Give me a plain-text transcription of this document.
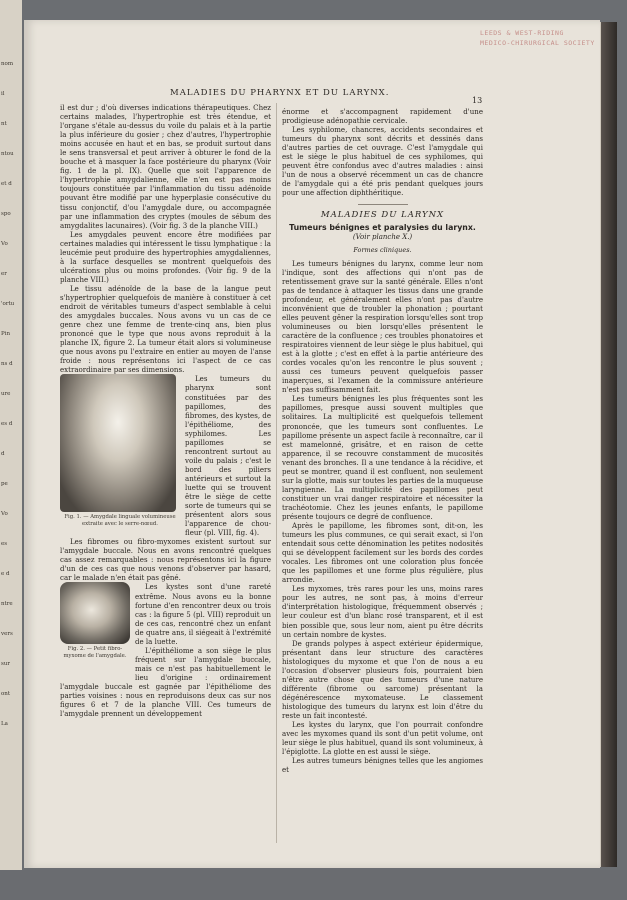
nom
il
nt
ntou
et d
spo
Vo
er
'ortu
Pin
ns d
ure
es d
d
pe
Vo
es
e d
ntre
vers
sur
ont
La
LEEDS & WEST-RIDING
MEDICO-CHIRURGICAL SOCIETY
MALADIES DU PHARYNX ET DU LARYNX.
13

il est dur ; d'où diverses indications thérapeutiques. Chez certains malades, l'hypertrophie est très étendue, et l'organe s'étale au-dessus du voile du palais et à la partie la plus inférieure du gosier ; chez d'autres, l'hypertrophie moins accusée en haut et en bas, se produit surtout dans le sens transversal et peut arriver à obturer le fond de la bouche et à masquer la face postérieure du pharynx (Voir fig. 1 de la pl. IX). Quelle que soit l'apparence de l'hypertrophie amygdalienne, elle n'en est pas moins toujours constituée par l'inflammation du tissu adénoïde pouvant être modifié par une hyperplasie consécutive du tissu conjonctif, d'ou l'amygdale dure, ou accompagnée par une inflammation des cryptes (moules de sébum des amygdalites lacunaires). (Voir fig. 3 de la planche VIII.)

Les amygdales peuvent encore être modifiées par certaines maladies qui intéressent le tissu lymphatique : la leucémie peut produire des hypertrophies amygdaliennes, à la surface desquelles se montrent quelquefois des ulcérations plus ou moins profondes. (Voir fig. 9 de la planche VIII.)

Le tissu adénoïde de la base de la langue peut s'hypertrophier quelquefois de manière à constituer à cet endroit de véritables tumeurs d'aspect semblable à celui des amygdales buccales. Nous avons vu un cas de ce genre chez une femme de trente-cinq ans, bien plus prononcé que le type que nous avons reproduit à la planche IX, figure 2. La tumeur était alors si volumineuse que nous avons pu l'extraire en entier au moyen de l'anse froide : nous représentons ici l'aspect de ce cas extraordinaire par ses dimensions.

Fig. 1. — Amygdale linguale volumineuse extraite avec le serre-nœud.

Les tumeurs du pharynx sont constituées par des papillomes, des fibromes, des kystes, de l'épithéliome, des syphilomes. Les papillomes se rencontrent surtout au voile du palais ; c'est le bord des piliers antérieurs et surtout la luette qui se trouvent être le siège de cette sorte de tumeurs qui se présentent alors sous l'apparence de chou-fleur (pl. VIII, fig. 4).

Les fibromes ou fibro-myxomes existent surtout sur l'amygdale buccale. Nous en avons rencontré quelques cas assez remarquables : nous représentons ici la figure d'un de ces cas que nous venons d'observer par hasard, car le malade n'en était pas gêné.

Fig. 2. — Petit fibro-myxome de l'amygdale.

Les kystes sont d'une rareté extrême. Nous avons eu la bonne fortune d'en rencontrer deux ou trois cas : la figure 5 (pl. VIII) reproduit un de ces cas, rencontré chez un enfant de quatre ans, il siégeait à l'extrémité de la luette.

L'épithéliome a son siège le plus fréquent sur l'amygdale buccale, mais ce n'est pas habituellement le lieu d'origine : ordinairement l'amygdale buccale est gagnée par l'épithéliome des parties voisines : nous en reproduisons deux cas sur nos figures 6 et 7 de la planche VIII. Ces tumeurs de l'amygdale prennent un développement

énorme et s'accompagnent rapidement d'une prodigieuse adénopathie cervicale.

Les syphilome, chancres, accidents secondaires et tumeurs du pharynx sont décrits et dessinés dans d'autres parties de cet ouvrage. C'est l'amygdale qui est le siège le plus habituel de ces syphilomes, qui peuvent être confondus avec d'autres maladies : ainsi l'un de nous a observé récemment un cas de chancre de l'amygdale qui a été pris pendant quelques jours pour une affection diphthéritique.

MALADIES DU LARYNX
Tumeurs bénignes et paralysies du larynx.
(Voir planche X.)
Formes cliniques.

Les tumeurs bénignes du larynx, comme leur nom l'indique, sont des affections qui n'ont pas de retentissement grave sur la santé générale. Elles n'ont pas de tendance à attaquer les tissus dans une grande profondeur, et généralement elles n'ont pas d'autre inconvénient que de troubler la phonation ; pourtant elles peuvent gêner la respiration lorsqu'elles sont trop volumineuses ou bien lorsqu'elles présentent le caractère de la confluence ; ces troubles phonatoires et respiratoires viennent de leur siège le plus habituel, qui est à la glotte ; c'est en effet à la partie antérieure des cordes vocales qu'on les rencontre le plus souvent ; aussi ces tumeurs peuvent quelquefois passer inaperçues, si l'examen de la commissure antérieure n'est pas suffisamment fait.

Les tumeurs bénignes les plus fréquentes sont les papillomes, presque aussi souvent multiples que solitaires. La multiplicité est quelquefois tellement prononcée, que les tumeurs sont confluentes. Le papillome présente un aspect facile à reconnaître, car il est mamelonné, grisâtre, et en raison de cette apparence, il se recouvre constamment de mucosités venant des bronches. Il a une tendance à la récidive, et peut se montrer, quand il est confluent, non seulement sur la glotte, mais sur toutes les parties de la muqueuse laryngienne. La multiplicité des papillomes peut constituer un vrai danger respiratoire et nécessiter la trachéotomie. Chez les jeunes enfants, le papillome présente toujours ce degré de confluence.

Après le papillome, les fibromes sont, dit-on, les tumeurs les plus communes, ce qui serait exact, si l'on entendait sous cette dénomination les petites nodosités qui se développent facilement sur les bords des cordes vocales. Les fibromes ont une coloration plus foncée que les papillomes et une forme plus régulière, plus arrondie.

Les myxomes, très rares pour les uns, moins rares pour les autres, ne sont pas, à moins d'erreur d'interprétation histologique, fréquemment observés ; leur couleur est d'un blanc rosé transparent, et il est bien possible que, sous leur nom, aient pu être décrits un certain nombre de kystes.

De grands polypes à aspect extérieur épidermique, présentant dans leur structure des caractères histologiques du myxome et que l'on de nous a eu l'occasion d'observer plusieurs fois, pourraient bien n'être autre chose que des tumeurs d'une nature différente (fibrome ou sarcome) présentant la dégénérescence myxomateuse. Le classement histologique des tumeurs du larynx est loin d'être du reste un fait incontesté.

Les kystes du larynx, que l'on pourrait confondre avec les myxomes quand ils sont d'un petit volume, ont leur siège le plus habituel, quand ils sont volumineux, à l'épiglotte. La glotte en est aussi le siège.

Les autres tumeurs bénignes telles que les angiomes et
